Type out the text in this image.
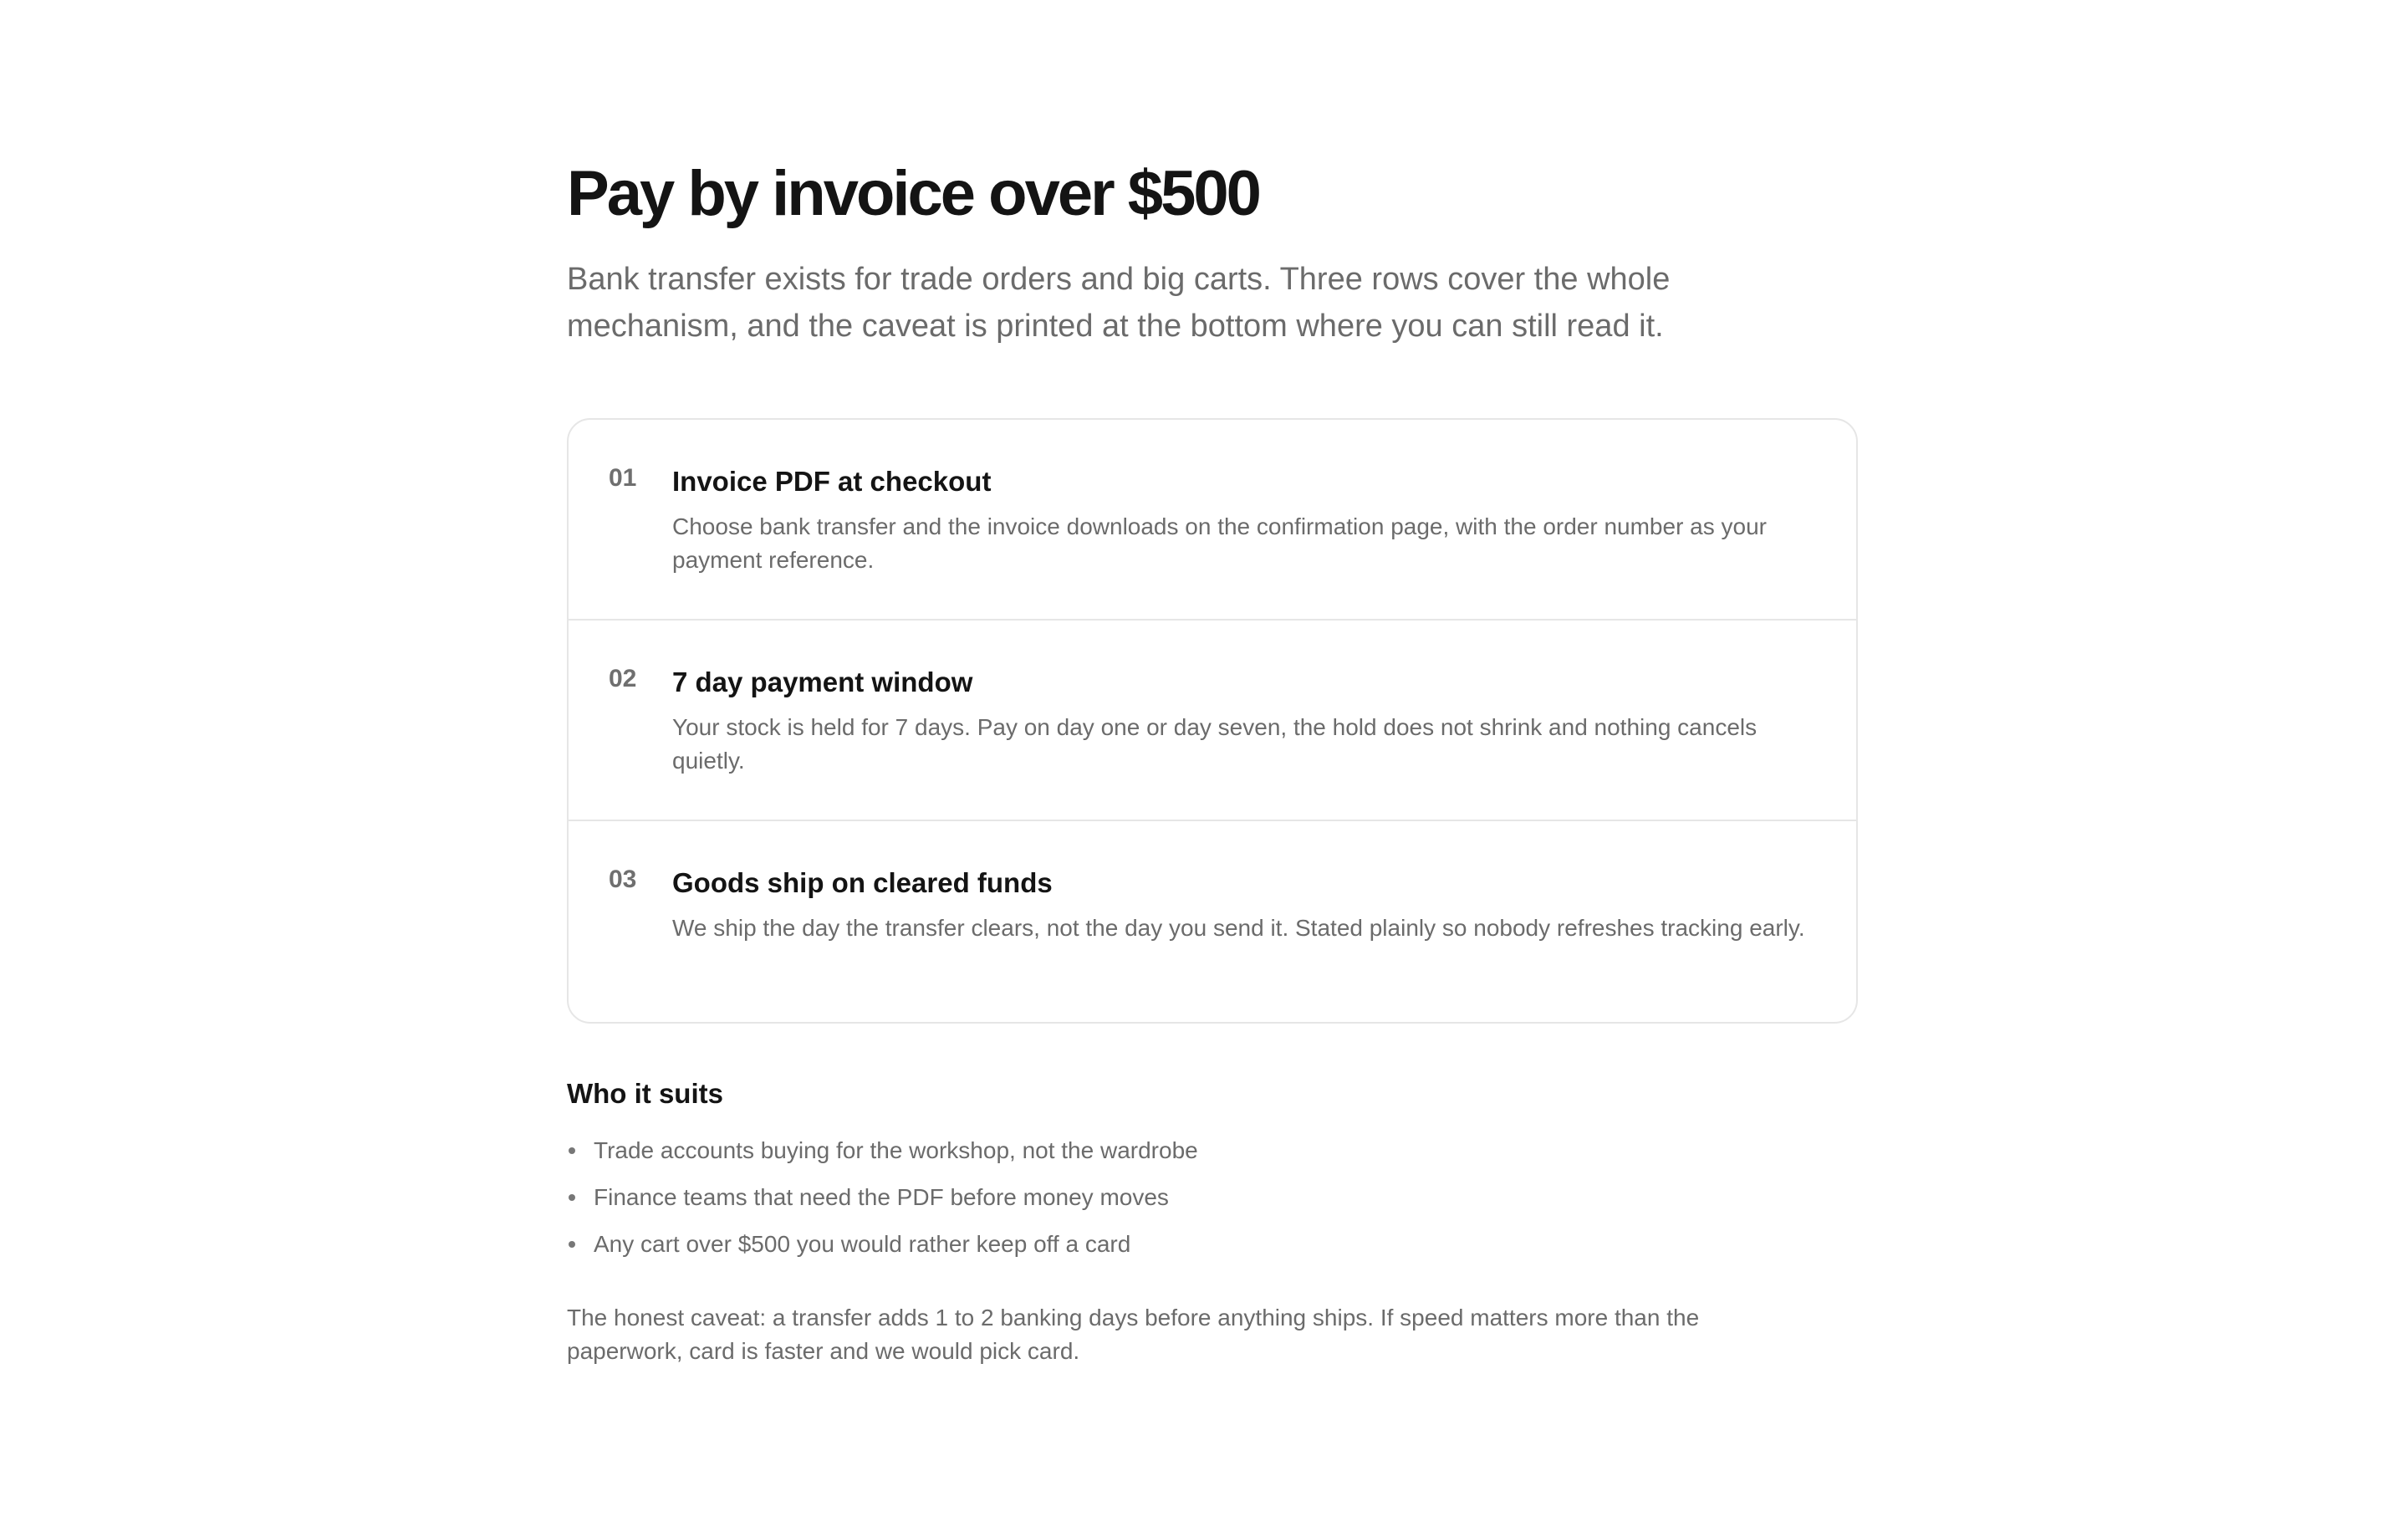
Pay by invoice over $500

Bank transfer exists for trade orders and big carts. Three rows cover the whole mechanism, and the caveat is printed at the bottom where you can still read it.

01 Invoice PDF at checkout
Choose bank transfer and the invoice downloads on the confirmation page, with the order number as your payment reference.
02 7 day payment window
Your stock is held for 7 days. Pay on day one or day seven, the hold does not shrink and nothing cancels quietly.
03 Goods ship on cleared funds
We ship the day the transfer clears, not the day you send it. Stated plainly so nobody refreshes tracking early.
Who it suits
Trade accounts buying for the workshop, not the wardrobe
Finance teams that need the PDF before money moves
Any cart over $500 you would rather keep off a card

The honest caveat: a transfer adds 1 to 2 banking days before anything ships. If speed matters more than the paperwork, card is faster and we would pick card.
